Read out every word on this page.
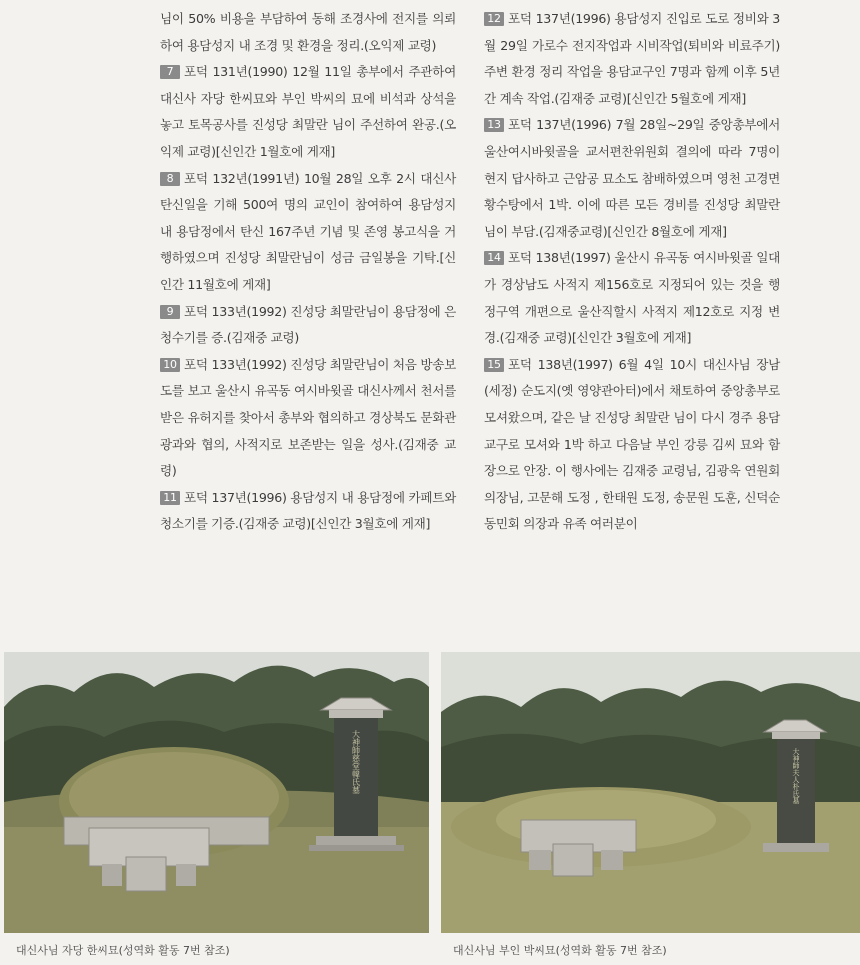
님이 50% 비용을 부담하여 동해 조경사에 전지를 의뢰하여 용담성지 내 조경 및 환경을 정리.(오익제 교령)

7 포덕 131년(1990) 12월 11일 총부에서 주관하여 대신사 자당 한씨묘와 부인 박씨의 묘에 비석과 상석을 놓고 토목공사를 진성당 최말란 님이 주선하여 완공.(오익제 교령)[신인간 1월호에 게재]

8 포덕 132년(1991년) 10월 28일 오후 2시 대신사 탄신일을 기해 500여 명의 교인이 참여하여 용담성지 내 용담정에서 탄신 167주년 기념 및 존영 봉고식을 거행하였으며 진성당 최말란님이 성금 금일봉을 기탁.[신인간 11월호에 게재]

9 포덕 133년(1992) 진성당 최말란님이 용담정에 은청수기를 증.(김재중 교령)

10 포덕 133년(1992) 진성당 최말란님이 처음 방송보도를 보고 울산시 유곡동 여시바윗골 대신사께서 천서를 받은 유허지를 찾아서 총부와 협의하고 경상북도 문화관광과와 협의, 사적지로 보존받는 일을 성사.(김재중 교령)

11 포덕 137년(1996) 용담성지 내 용담정에 카페트와 청소기를 기증.(김재중 교령)[신인간 3월호에 게재]

12 포덕 137년(1996) 용담성지 진입로 도로 정비와 3월 29일 가로수 전지작업과 시비작업(퇴비와 비료주기) 주변 환경 정리 작업을 용담교구인 7명과 함께 이후 5년간 계속 작업.(김재중 교령)[신인간 5월호에 게재]

13 포덕 137년(1996) 7월 28일~29일 중앙총부에서 울산여시바윗골을 교서편찬위원회 결의에 따라 7명이 현지 답사하고 근암공 묘소도 참배하였으며 영천 고경면 황수탕에서 1박. 이에 따른 모든 경비를 진성당 최말란 님이 부담.(김재중교령)[신인간 8월호에 게재]

14 포덕 138년(1997) 울산시 유곡동 여시바윗골 일대가 경상남도 사적지 제156호로 지정되어 있는 것을 행정구역 개편으로 울산직할시 사적지 제12호로 지정 변경.(김재중 교령)[신인간 3월호에 게재]

15 포덕 138년(1997) 6월 4일 10시 대신사님 장남(세정) 순도지(옛 영양관아터)에서 채토하여 중앙총부로 모셔왔으며, 같은 날 진성당 최말란 님이 다시 경주 용담교구로 모셔와 1박 하고 다음날 부인 강릉 김씨 묘와 함장으로 안장. 이 행사에는 김재중 교령님, 김광욱 연원회 의장님, 고문해 도정 , 한태원 도정, 송문원 도훈, 신덕순 동민회 의장과 유족 여러분이

大神師慈堂韓氏墓	大神師夫人朴氏墓
대신사님 자당 한씨묘(성역화 활동 7번 참조)	대신사님 부인 박씨묘(성역화 활동 7번 참조)
